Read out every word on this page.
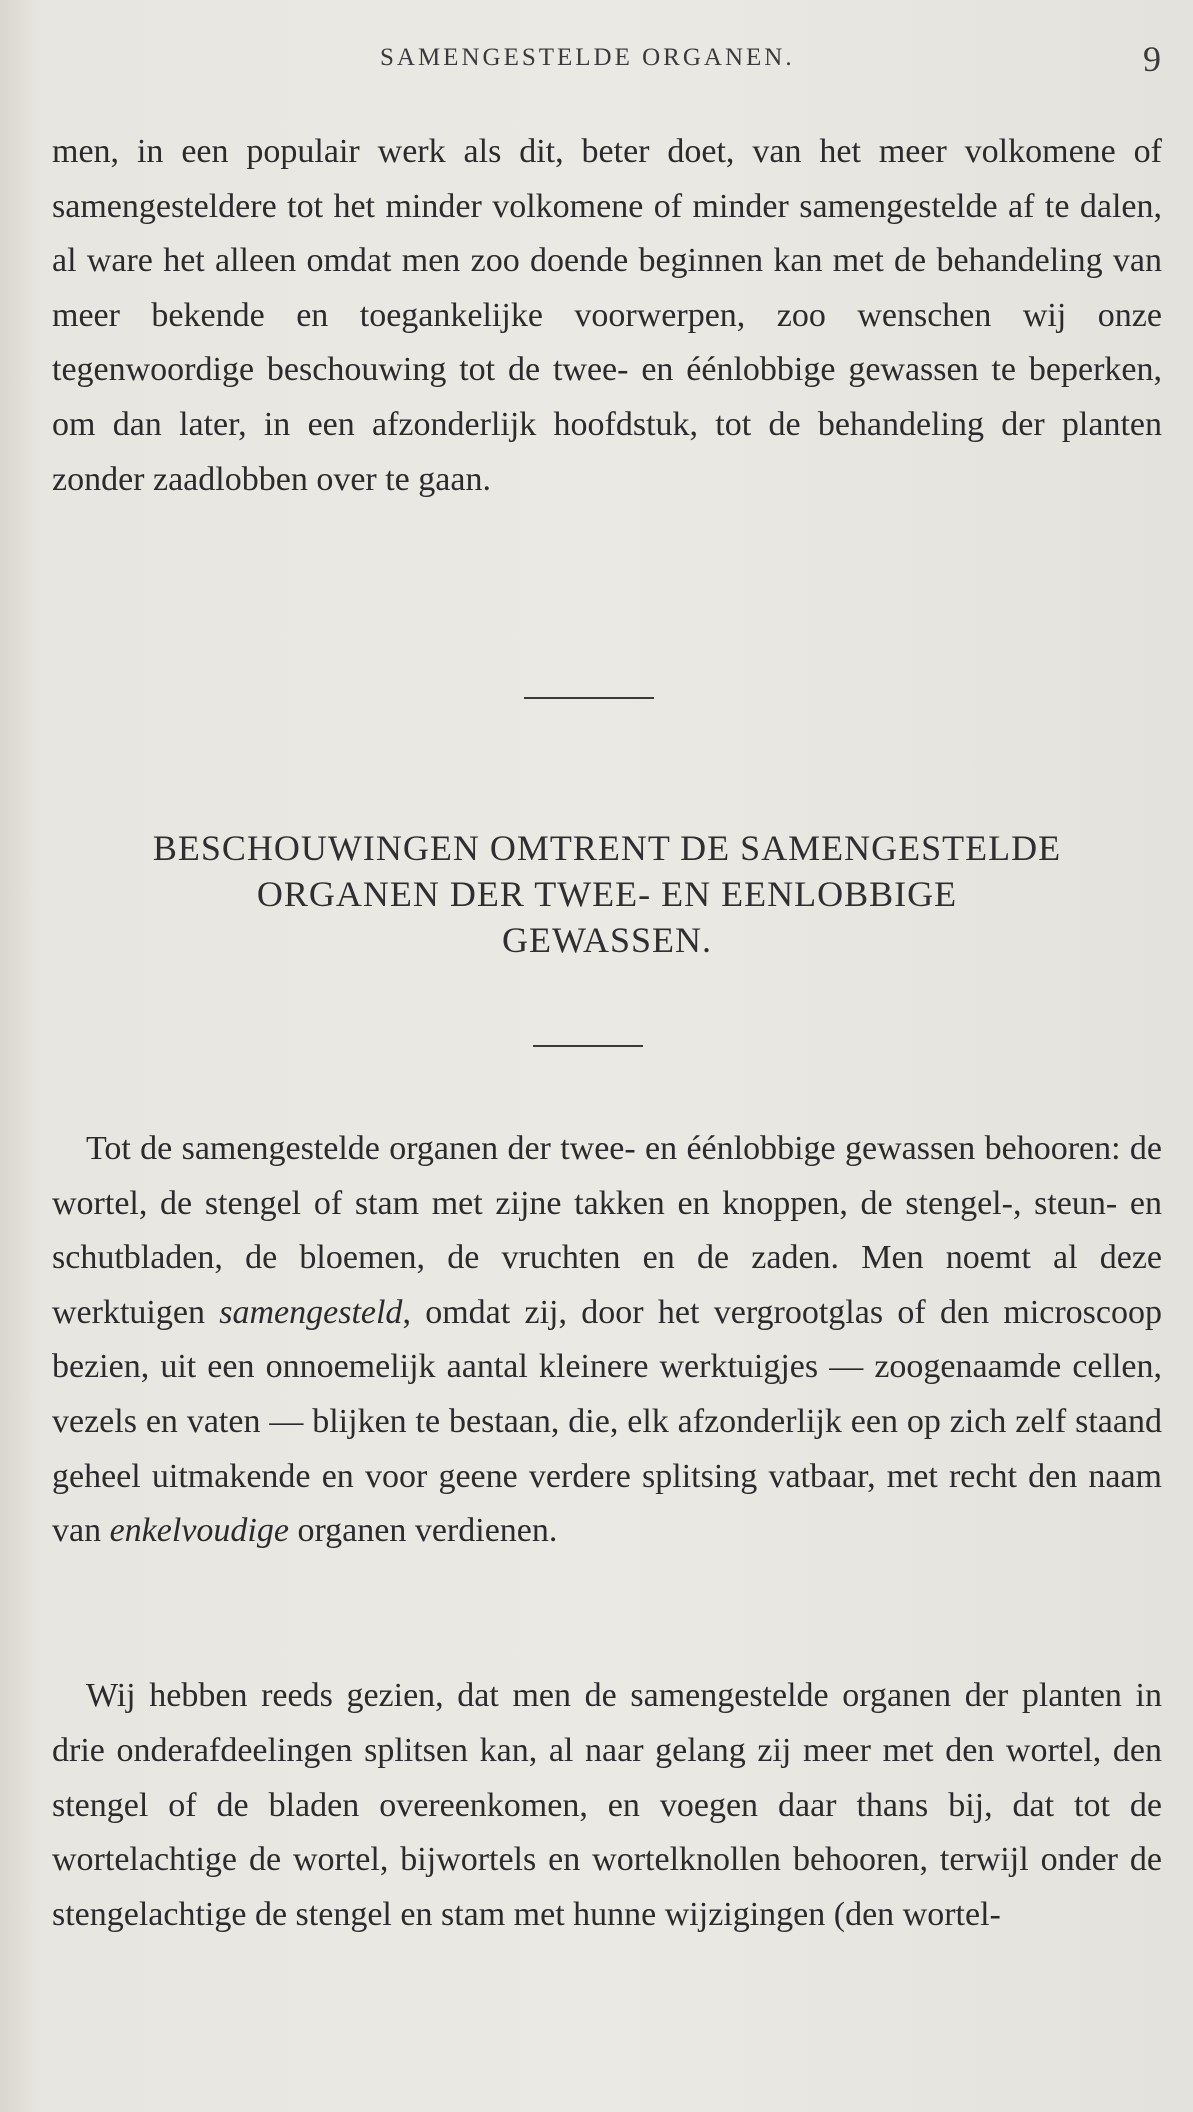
SAMENGESTELDE ORGANEN.	9

men, in een populair werk als dit, beter doet, van het meer volkomene of samengesteldere tot het minder volkomene of minder samengestelde af te dalen, al ware het alleen omdat men zoo doende beginnen kan met de behandeling van meer bekende en toegankelijke voorwerpen, zoo wenschen wij onze tegenwoordige beschouwing tot de twee- en éénlobbige gewassen te beperken, om dan later, in een afzonderlijk hoofdstuk, tot de behandeling der planten zonder zaadlobben over te gaan.

BESCHOUWINGEN OMTRENT DE SAMENGESTELDE
ORGANEN DER TWEE- EN EENLOBBIGE
GEWASSEN.

Tot de samengestelde organen der twee- en éénlobbige gewassen behooren: de wortel, de stengel of stam met zijne takken en knoppen, de stengel-, steun- en schutbladen, de bloemen, de vruchten en de zaden. Men noemt al deze werktuigen samengesteld, omdat zij, door het vergrootglas of den microscoop bezien, uit een onnoemelijk aantal kleinere werktuigjes — zoogenaamde cellen, vezels en vaten — blijken te bestaan, die, elk afzonderlijk een op zich zelf staand geheel uitmakende en voor geene verdere splitsing vatbaar, met recht den naam van enkelvoudige organen verdienen.

Wij hebben reeds gezien, dat men de samengestelde organen der planten in drie onderafdeelingen splitsen kan, al naar gelang zij meer met den wortel, den stengel of de bladen overeenkomen, en voegen daar thans bij, dat tot de wortelachtige de wortel, bijwortels en wortelknollen behooren, terwijl onder de stengelachtige de stengel en stam met hunne wijzigingen (den wortel-
